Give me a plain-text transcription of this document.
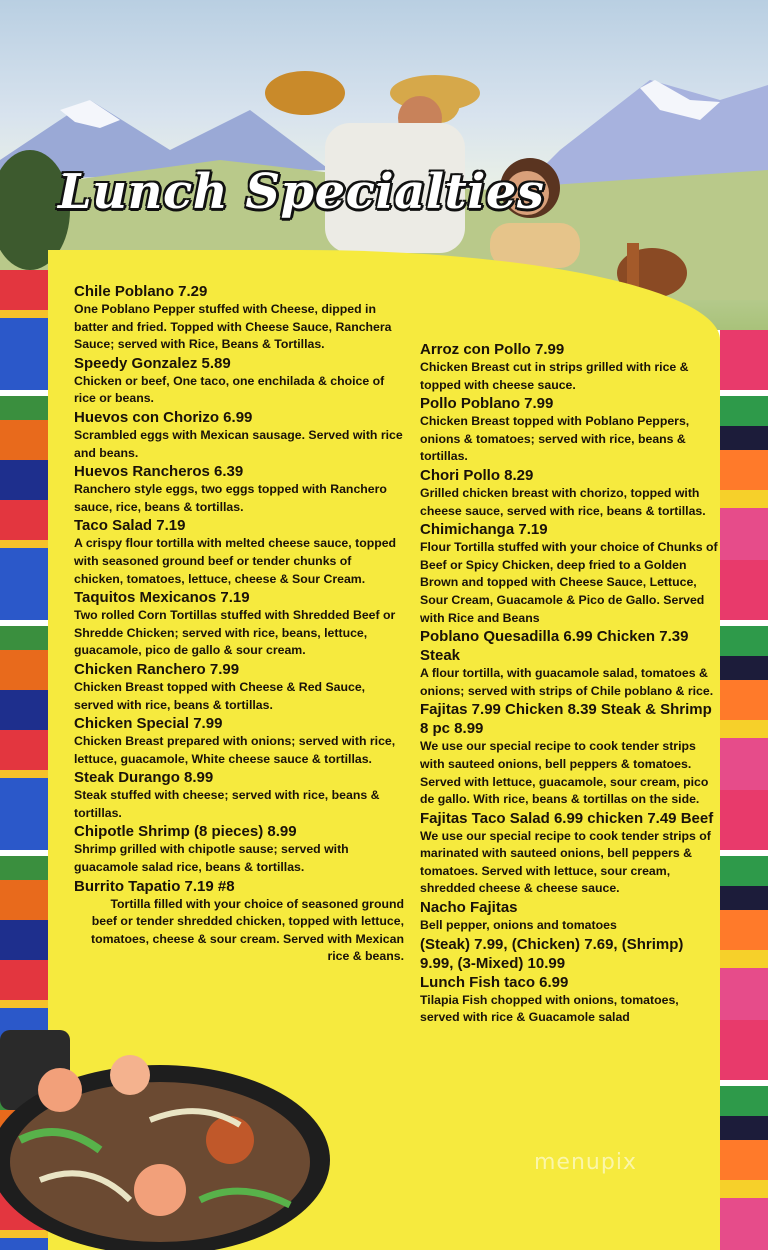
Lunch Specialties
Chile Poblano 7.29
One Poblano Pepper stuffed with Cheese, dipped in batter and fried. Topped with Cheese Sauce, Ranchera Sauce; served with Rice, Beans & Tortillas.
Speedy Gonzalez 5.89
Chicken or beef, One taco, one enchilada & choice of rice or beans.
Huevos con Chorizo 6.99
Scrambled eggs with Mexican sausage. Served with rice and beans.
Huevos Rancheros 6.39
Ranchero style eggs, two eggs topped with Ranchero sauce, rice, beans & tortillas.
Taco Salad 7.19
A crispy flour tortilla with melted cheese sauce, topped with seasoned ground beef or tender chunks of chicken, tomatoes, lettuce, cheese & Sour Cream.
Taquitos Mexicanos 7.19
Two rolled Corn Tortillas stuffed with Shredded Beef or Shredde Chicken; served with rice, beans, lettuce, guacamole, pico de gallo & sour cream.
Chicken Ranchero 7.99
Chicken Breast topped with Cheese & Red Sauce, served with rice, beans & tortillas.
Chicken Special 7.99
Chicken Breast prepared with onions; served with rice, lettuce, guacamole, White cheese sauce & tortillas.
Steak Durango 8.99
Steak stuffed with cheese; served with rice, beans & tortillas.
Chipotle Shrimp (8 pieces) 8.99
Shrimp grilled with chipotle sause; served with guacamole salad rice, beans & tortillas.
Burrito Tapatio 7.19 #8
Tortilla filled with your choice of seasoned ground beef or tender shredded chicken, topped with lettuce, tomatoes, cheese & sour cream. Served with Mexican rice & beans.
Arroz con Pollo 7.99
Chicken Breast cut in strips grilled with rice & topped with cheese sauce.
Pollo Poblano 7.99
Chicken Breast topped with Poblano Peppers, onions & tomatoes; served with rice, beans & tortillas.
Chori Pollo 8.29
Grilled chicken breast with chorizo, topped with cheese sauce, served with rice, beans & tortillas.
Chimichanga 7.19
Flour Tortilla stuffed with your choice of Chunks of Beef or Spicy Chicken, deep fried to a Golden Brown and topped with Cheese Sauce, Lettuce, Sour Cream, Guacamole & Pico de Gallo. Served with Rice and Beans
Poblano Quesadilla 6.99 Chicken 7.39 Steak
A flour tortilla, with guacamole salad, tomatoes & onions; served with strips of Chile poblano & rice.
Fajitas 7.99 Chicken 8.39 Steak & Shrimp 8 pc 8.99
We use our special recipe to cook tender strips with sauteed onions, bell peppers & tomatoes. Served with lettuce, guacamole, sour cream, pico de gallo. With rice, beans & tortillas on the side.
Fajitas Taco Salad 6.99 chicken 7.49 Beef
We use our special recipe to cook tender strips of marinated with sauteed onions, bell peppers & tomatoes. Served with lettuce, sour cream, shredded cheese & cheese sauce.
Nacho Fajitas
Bell pepper, onions and tomatoes
(Steak) 7.99, (Chicken) 7.69, (Shrimp) 9.99, (3-Mixed) 10.99
Lunch Fish taco 6.99
Tilapia Fish chopped with onions, tomatoes, served with rice & Guacamole salad
menupix
